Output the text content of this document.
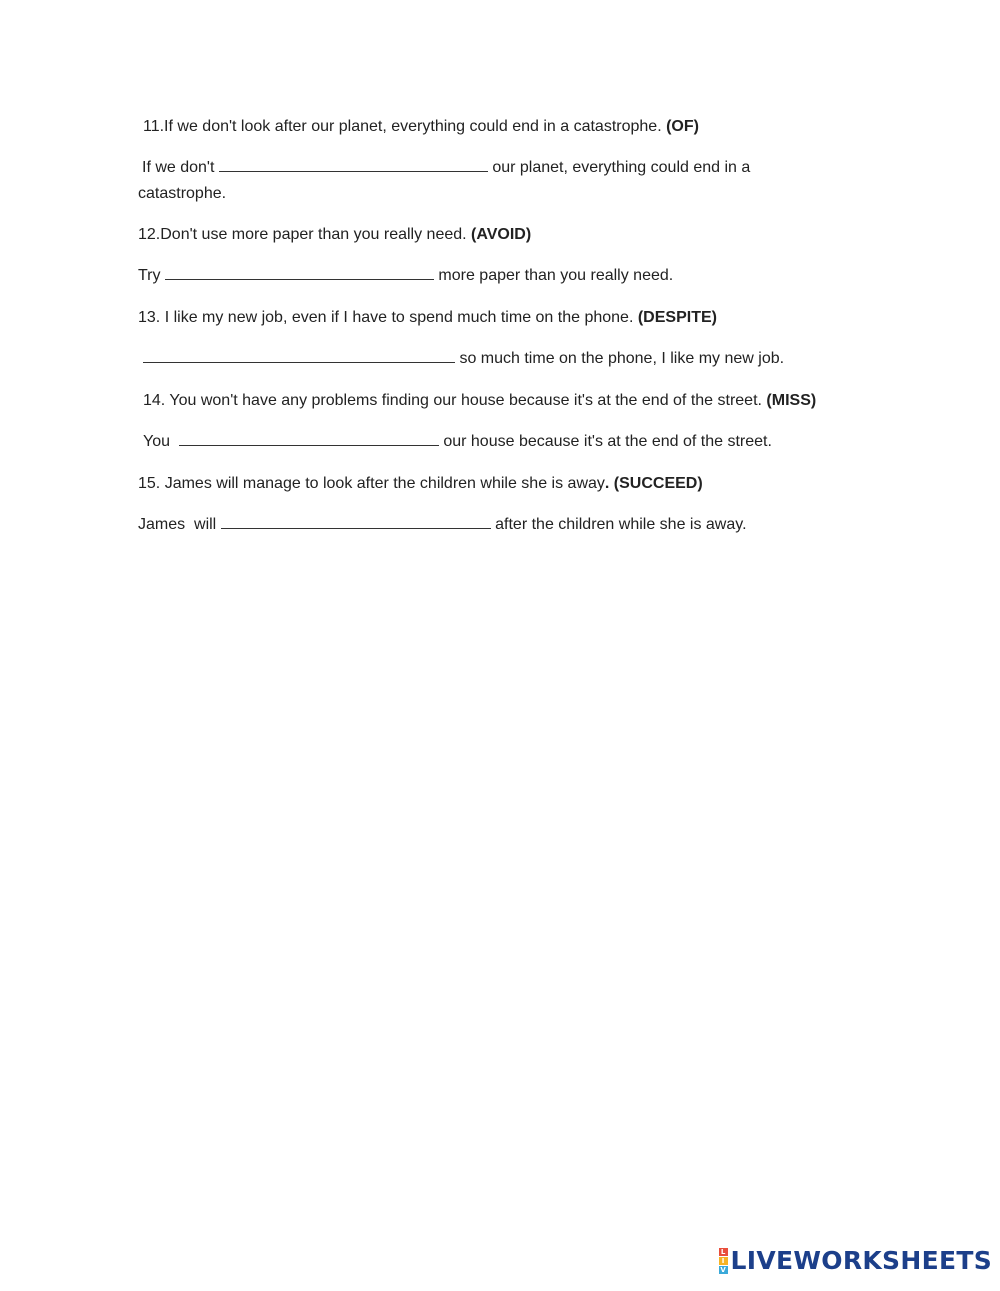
11.If we don't look after our planet, everything could end in a catastrophe. (OF)
If we don't	our planet, everything could end in a
catastrophe.
12.Don't use more paper than you really need. (AVOID)
Try	more paper than you really need.
13. I like my new job, even if I have to spend much time on the phone. (DESPITE)
so much time on the phone, I like my new job.
14. You won't have any problems finding our house because it's at the end of the street. (MISS)
You	our house because it's at the end of the street.
15. James will manage to look after the children while she is away. (SUCCEED)
James  will	after the children while she is away.
L
I
V LIVEWORKSHEETS
